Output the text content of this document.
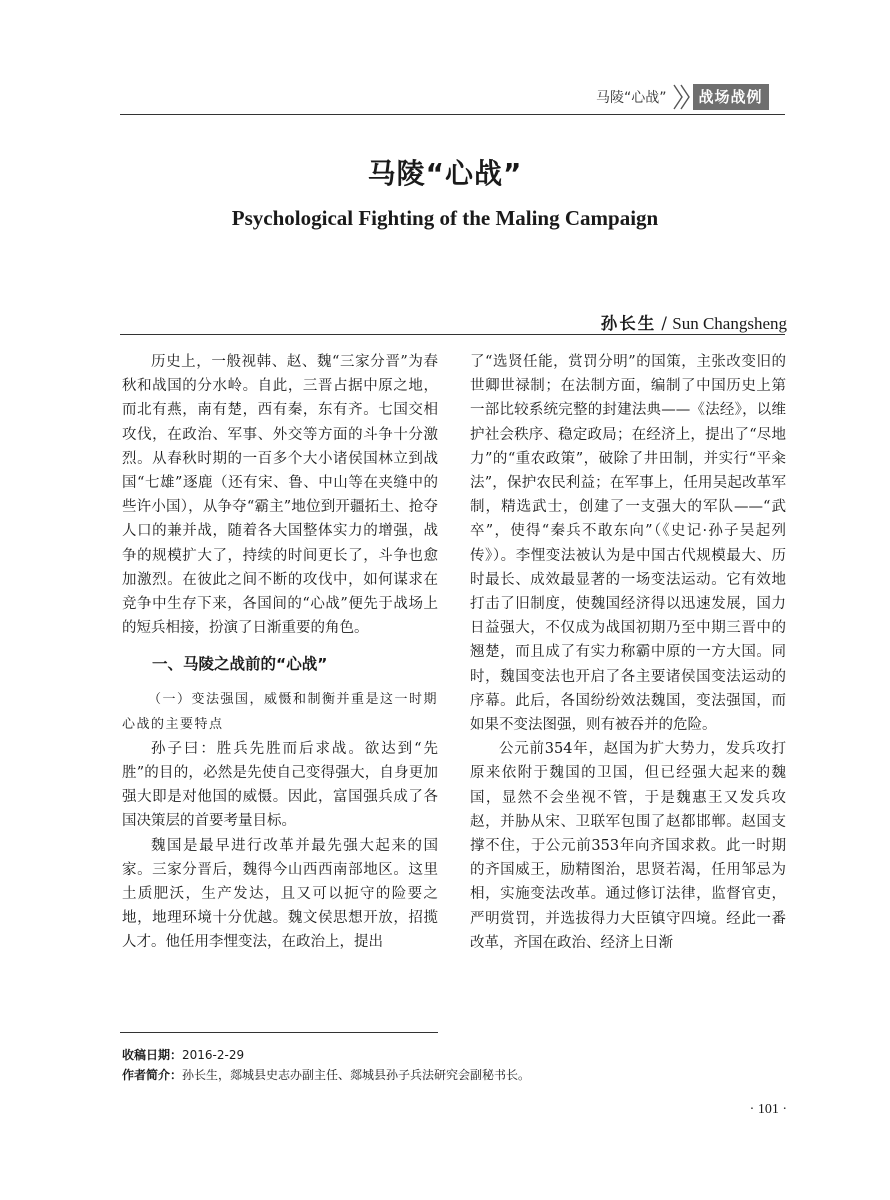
马陵“心战”	战场战例
马陵“心战”
Psychological Fighting of the Maling Campaign
孙长生 / Sun Changsheng

历史上，一般视韩、赵、魏“三家分晋”为春秋和战国的分水岭。自此，三晋占据中原之地，而北有燕，南有楚，西有秦，东有齐。七国交相攻伐，在政治、军事、外交等方面的斗争十分激烈。从春秋时期的一百多个大小诸侯国林立到战国“七雄”逐鹿（还有宋、鲁、中山等在夹缝中的些许小国），从争夺“霸主”地位到开疆拓土、抢夺人口的兼并战，随着各大国整体实力的增强，战争的规模扩大了，持续的时间更长了，斗争也愈加激烈。在彼此之间不断的攻伐中，如何谋求在竞争中生存下来，各国间的“心战”便先于战场上的短兵相接，扮演了日渐重要的角色。

一、马陵之战前的“心战”

（一）变法强国，威慑和制衡并重是这一时期心战的主要特点

孙子曰：胜兵先胜而后求战。欲达到“先胜”的目的，必然是先使自己变得强大，自身更加强大即是对他国的威慑。因此，富国强兵成了各国决策层的首要考量目标。

魏国是最早进行改革并最先强大起来的国家。三家分晋后，魏得今山西西南部地区。这里土质肥沃，生产发达，且又可以扼守的险要之地，地理环境十分优越。魏文侯思想开放，招揽人才。他任用李悝变法，在政治上，提出

了“选贤任能，赏罚分明”的国策，主张改变旧的世卿世禄制；在法制方面，编制了中国历史上第一部比较系统完整的封建法典——《法经》，以维护社会秩序、稳定政局；在经济上，提出了“尽地力”的“重农政策”，破除了井田制，并实行“平籴法”，保护农民利益；在军事上，任用吴起改革军制，精选武士，创建了一支强大的军队——“武卒”，使得“秦兵不敢东向”（《史记·孙子吴起列传》）。李悝变法被认为是中国古代规模最大、历时最长、成效最显著的一场变法运动。它有效地打击了旧制度，使魏国经济得以迅速发展，国力日益强大，不仅成为战国初期乃至中期三晋中的翘楚，而且成了有实力称霸中原的一方大国。同时，魏国变法也开启了各主要诸侯国变法运动的序幕。此后，各国纷纷效法魏国，变法强国，而如果不变法图强，则有被吞并的危险。

公元前354年，赵国为扩大势力，发兵攻打原来依附于魏国的卫国，但已经强大起来的魏国，显然不会坐视不管，于是魏惠王又发兵攻赵，并胁从宋、卫联军包围了赵都邯郸。赵国支撑不住，于公元前353年向齐国求救。此一时期的齐国威王，励精图治，思贤若渴，任用邹忌为相，实施变法改革。通过修订法律，监督官吏，严明赏罚，并选拔得力大臣镇守四境。经此一番改革，齐国在政治、经济上日渐

收稿日期：2016-2-29
作者简介：孙长生，郯城县史志办副主任、郯城县孙子兵法研究会副秘书长。
· 101 ·
